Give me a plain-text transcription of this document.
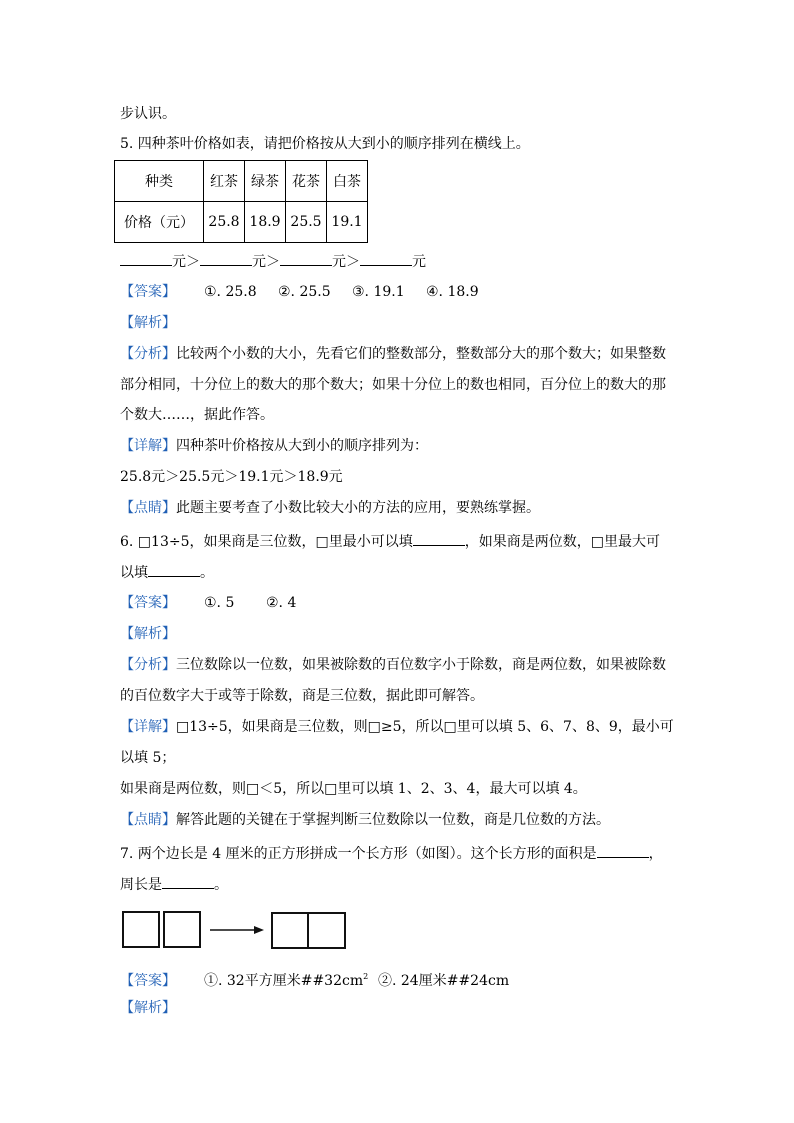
步认识。
5. 四种茶叶价格如表，请把价格按从大到小的顺序排列在横线上。
种类	红茶	绿茶	花茶	白茶
价格（元）	25.8	18.9	25.5	19.1
元＞	元＞	元＞	元
【答案】 ①. 25.8 ②. 25.5 ③. 19.1 ④. 18.9
【解析】
【分析】比较两个小数的大小，先看它们的整数部分，整数部分大的那个数大；如果整数
部分相同，十分位上的数大的那个数大；如果十分位上的数也相同，百分位上的数大的那
个数大……，据此作答。
【详解】四种茶叶价格按从大到小的顺序排列为：
25.8元＞25.5元＞19.1元＞18.9元
【点睛】此题主要考查了小数比较大小的方法的应用，要熟练掌握。
6. □13÷5，如果商是三位数，□里最小可以填	，如果商是两位数，□里最大可
以填	。
【答案】 ①. 5 ②. 4
【解析】
【分析】三位数除以一位数，如果被除数的百位数字小于除数，商是两位数，如果被除数
的百位数字大于或等于除数，商是三位数，据此即可解答。
【详解】□13÷5，如果商是三位数，则□≥5，所以□里可以填 5、6、7、8、9，最小可
以填 5；
如果商是两位数，则□＜5，所以□里可以填 1、2、3、4，最大可以填 4。
【点睛】解答此题的关键在于掌握判断三位数除以一位数，商是几位数的方法。
7. 两个边长是 4 厘米的正方形拼成一个长方形（如图）。这个长方形的面积是	，
周长是	。
【答案】 ①. 32平方厘米##32cm2 ②. 24厘米##24cm
【解析】
